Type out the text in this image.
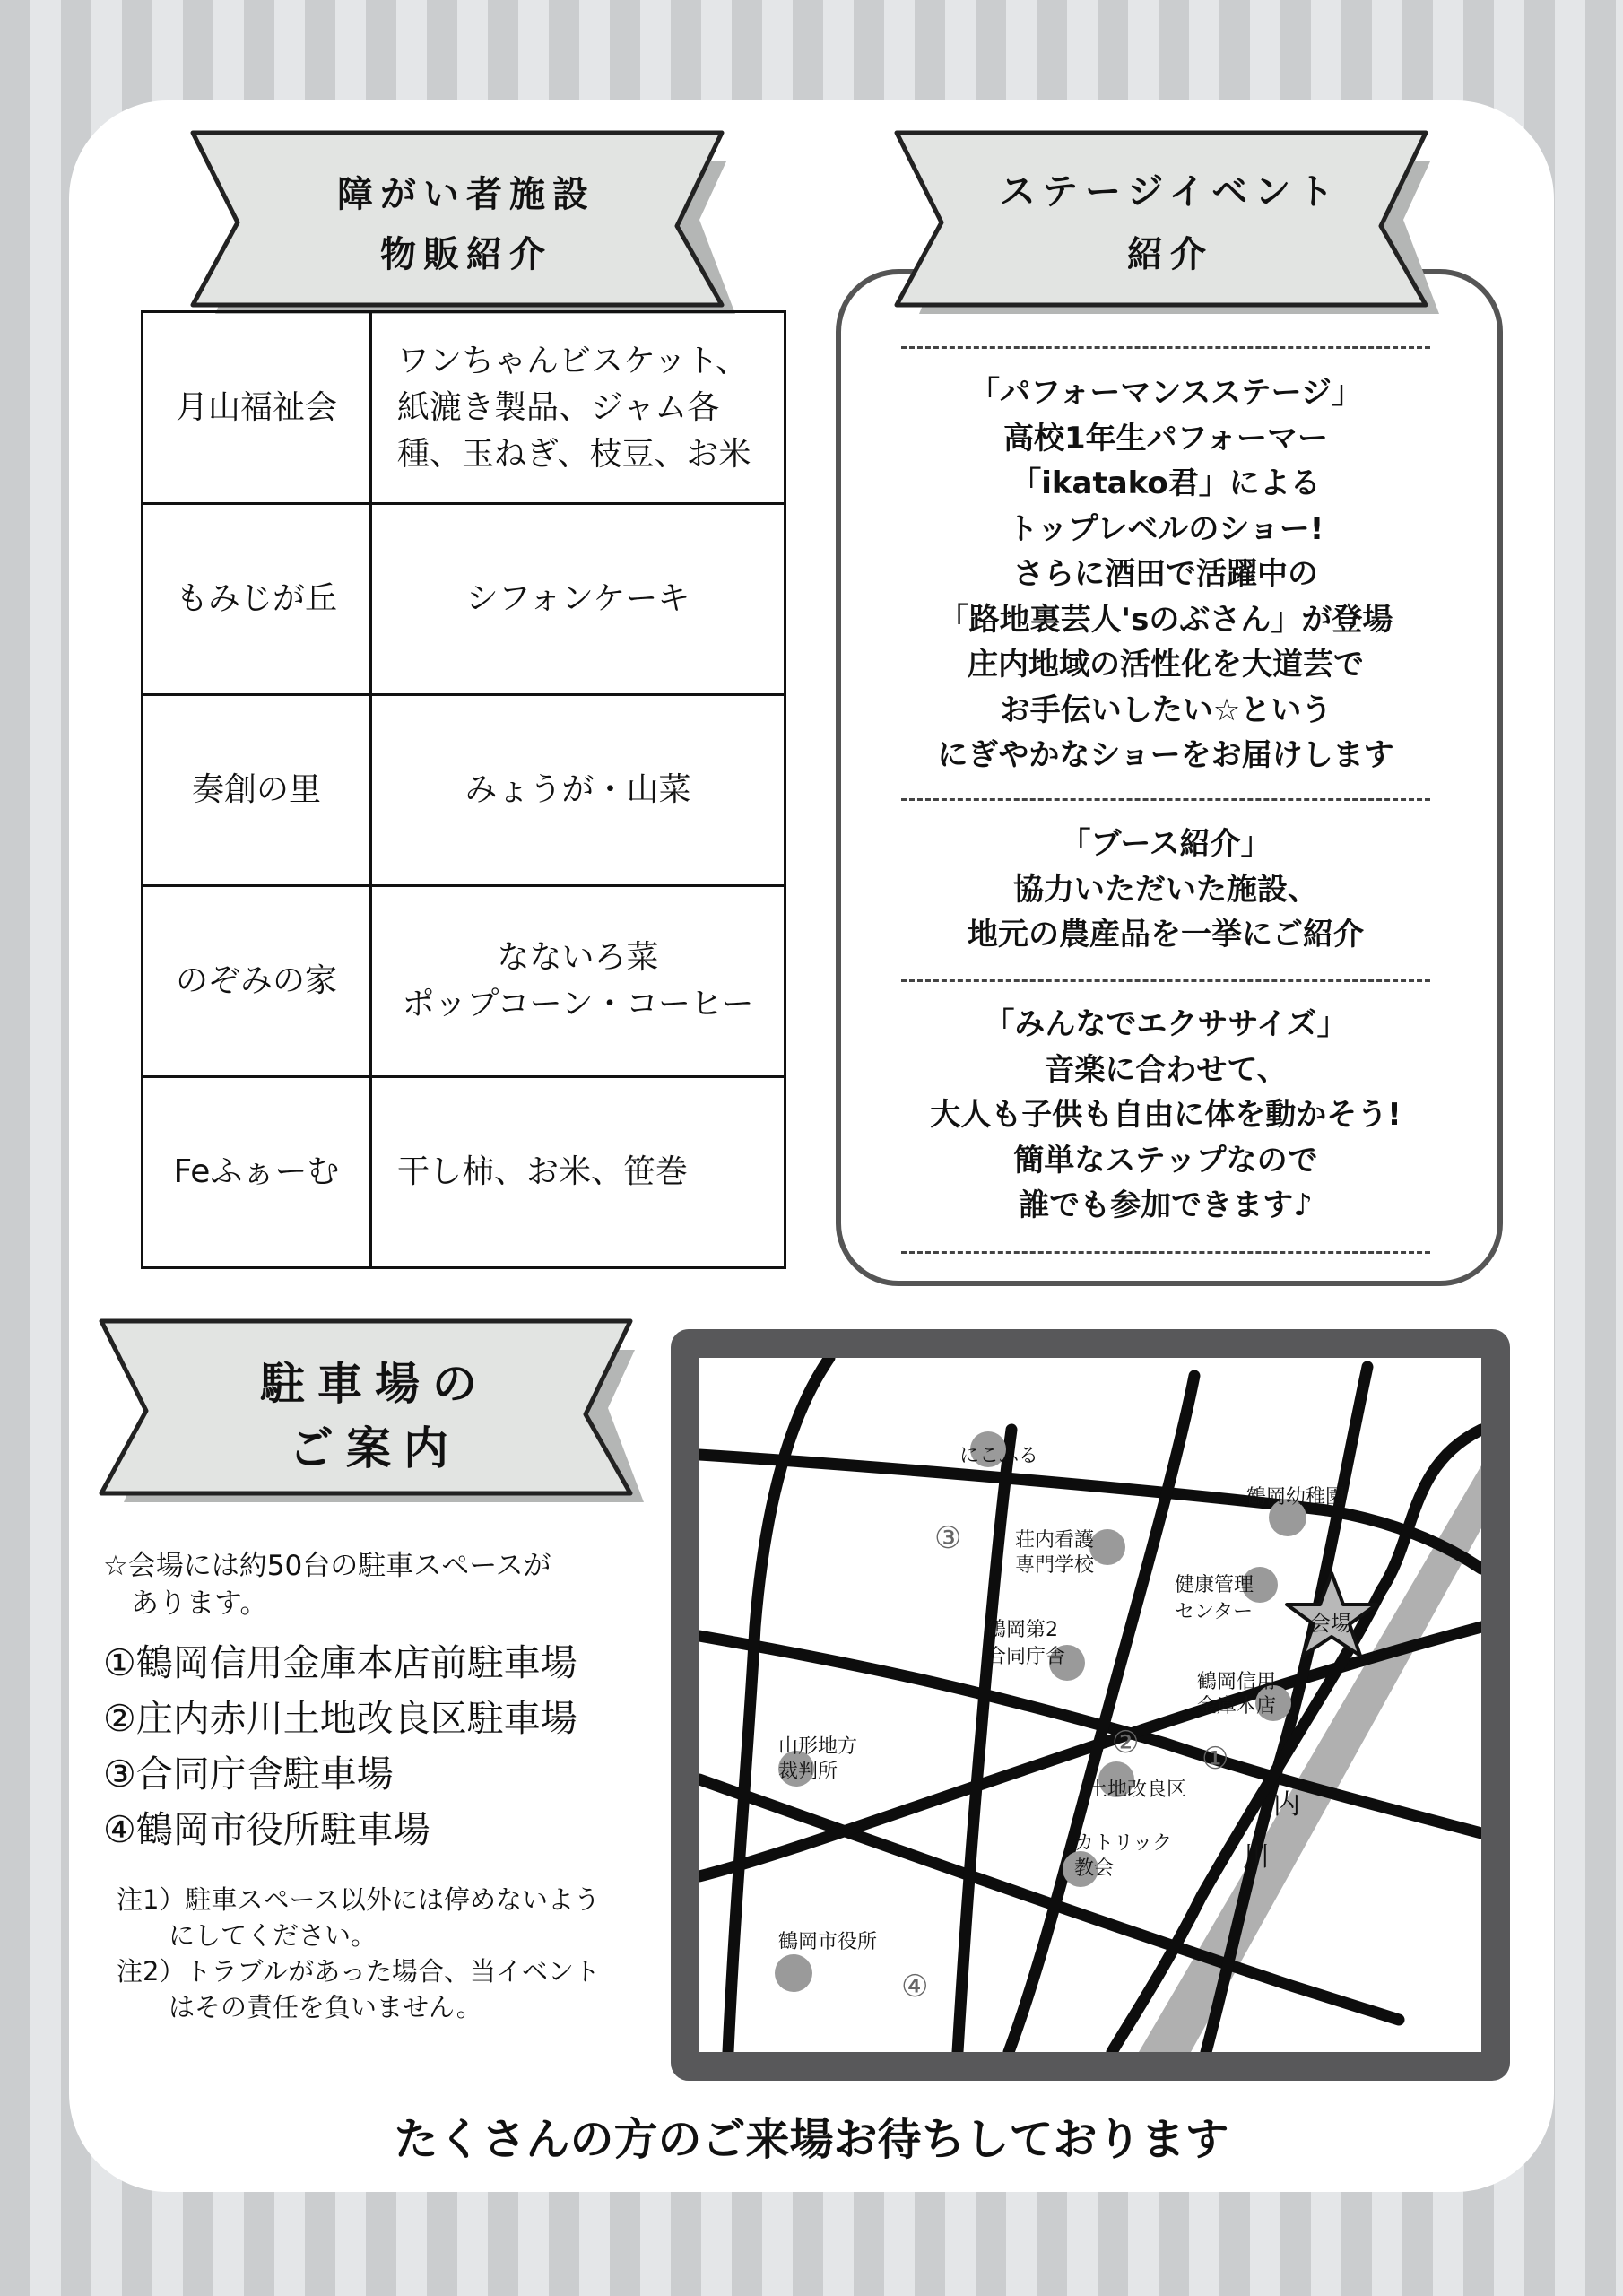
障がい者施設
物販紹介
月山福祉会	ワンちゃんビスケット、
紙漉き製品、ジャム各
種、玉ねぎ、枝豆、お米

もみじが丘	シフォンケーキ

奏創の里	みょうが・山菜

のぞみの家	なないろ菜
ポップコーン・コーヒー

Feふぁーむ	干し柿、お米、笹巻
ステージイベント
紹介
「パフォーマンスステージ」
高校1年生パフォーマー
「ikatako君」による
トップレベルのショー!
さらに酒田で活躍中の
「路地裏芸人'sのぶさん」が登場
庄内地域の活性化を大道芸で
お手伝いしたい☆という
にぎやかなショーをお届けします
「ブース紹介」
協力いただいた施設、
地元の農産品を一挙にご紹介
「みんなでエクササイズ」
音楽に合わせて、
大人も子供も自由に体を動かそう!
簡単なステップなので
誰でも参加できます♪
駐車場の
ご案内
☆会場には約50台の駐車スペースが
　あります。
①鶴岡信用金庫本店前駐車場
②庄内赤川土地改良区駐車場
③合同庁舎駐車場
④鶴岡市役所駐車場
注1）駐車スペース以外には停めないよう
　　にしてください。
注2）トラブルがあった場合、当イベント
　　はその責任を負いません。
にこふる
鶴岡幼稚園
荘内看護
専門学校
健康管理
センター	会場
鶴岡第2
合同庁舎
鶴岡信用
金庫本店
山形地方
裁判所
土地改良区
カトリック
教会
鶴岡市役所
内
川
①
②
③
④
たくさんの方のご来場お待ちしております
